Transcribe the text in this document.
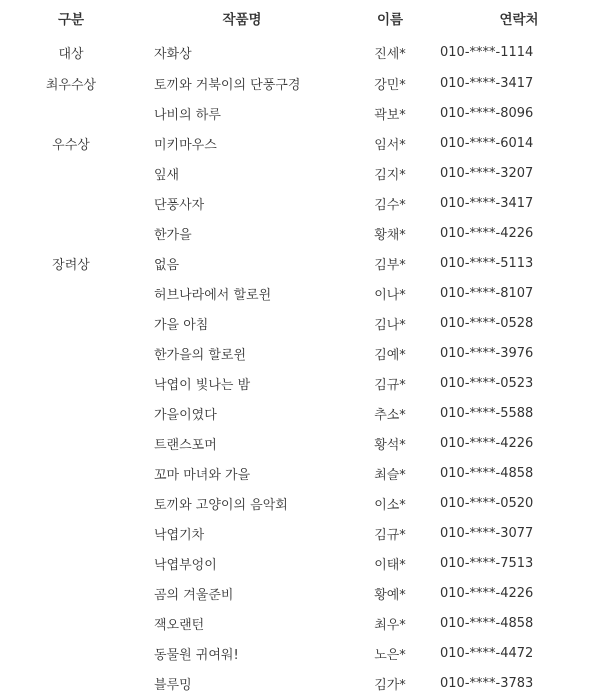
구분	작품명	이름	연락처
대상	자화상	진세*	010-****-1114
최우수상	토끼와 거북이의 단풍구경	강민*	010-****-3417
	나비의 하루	곽보*	010-****-8096
우수상	미키마우스	임서*	010-****-6014
	잎새	김지*	010-****-3207
	단풍사자	김수*	010-****-3417
	한가을	황채*	010-****-4226
장려상	없음	김부*	010-****-5113
	허브나라에서 할로윈	이나*	010-****-8107
	가을 아침	김나*	010-****-0528
	한가을의 할로윈	김예*	010-****-3976
	낙엽이 빛나는 밤	김규*	010-****-0523
	가을이였다	추소*	010-****-5588
	트랜스포머	황석*	010-****-4226
	꼬마 마녀와 가을	최슬*	010-****-4858
	토끼와 고양이의 음악회	이소*	010-****-0520
	낙엽기차	김규*	010-****-3077
	낙엽부엉이	이태*	010-****-7513
	곰의 겨울준비	황예*	010-****-4226
	잭오랜턴	최우*	010-****-4858
	동물원 귀여워!	노은*	010-****-4472
	블루밍	김가*	010-****-3783
